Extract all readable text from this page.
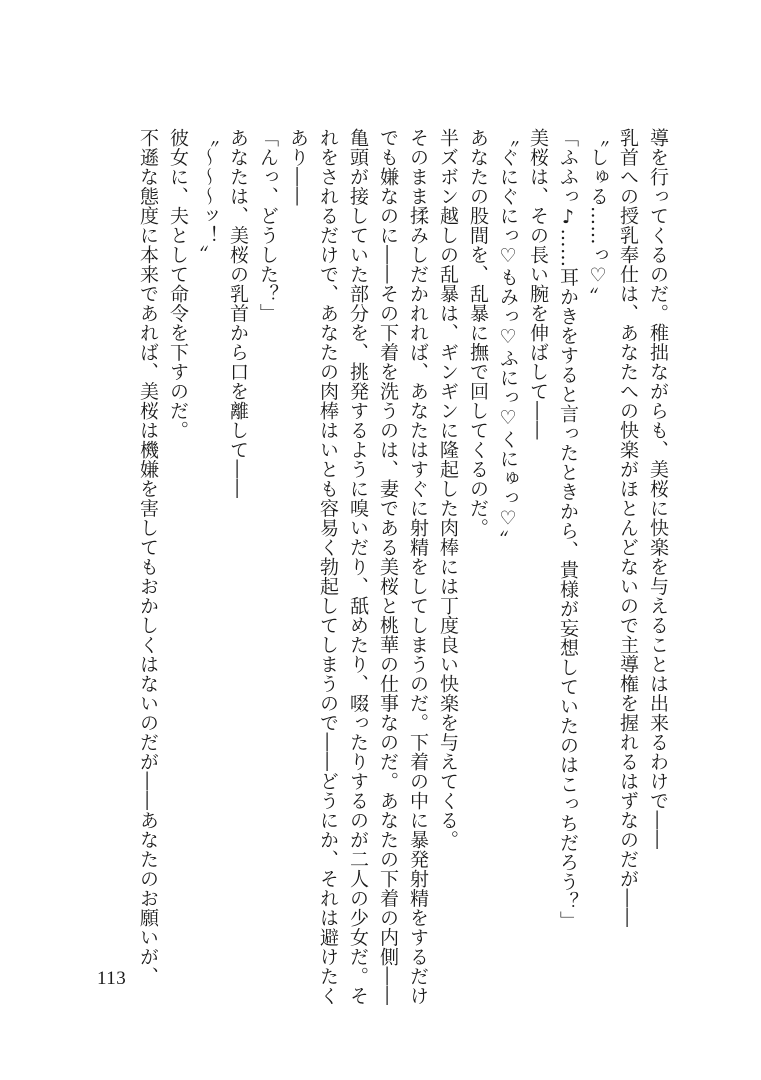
導を行ってくるのだ。稚拙ながらも、美桜に快楽を与えることは出来るわけで――

乳首への授乳奉仕は、あなたへの快楽がほとんどないので主導権を握れるはずなのだが――

〝しゅる……っ♡〟

「ふふっ♪……耳かきをすると言ったときから、貴様が妄想していたのはこっちだろう？」

美桜は、その長い腕を伸ばして――

〝ぐにぐにっ♡もみっ♡ふにっ♡くにゅっ♡〟

あなたの股間を、乱暴に撫で回してくるのだ。

半ズボン越しの乱暴は、ギンギンに隆起した肉棒には丁度良い快楽を与えてくる。

そのまま揉みしだかれれば、あなたはすぐに射精をしてしまうのだ。下着の中に暴発射精をするだけ

でも嫌なのに――その下着を洗うのは、妻である美桜と桃華の仕事なのだ。あなたの下着の内側――

亀頭が接していた部分を、挑発するように嗅いだり、舐めたり、啜ったりするのが二人の少女だ。そ

れをされるだけで、あなたの肉棒はいとも容易く勃起してしまうので――どうにか、それは避けたく

あり――

「んっ、どうした？」

あなたは、美桜の乳首から口を離して――

〝～～～ッ！〟

彼女に、夫として命令を下すのだ。

不遜な態度に本来であれば、美桜は機嫌を害してもおかしくはないのだが――あなたのお願いが、

113
